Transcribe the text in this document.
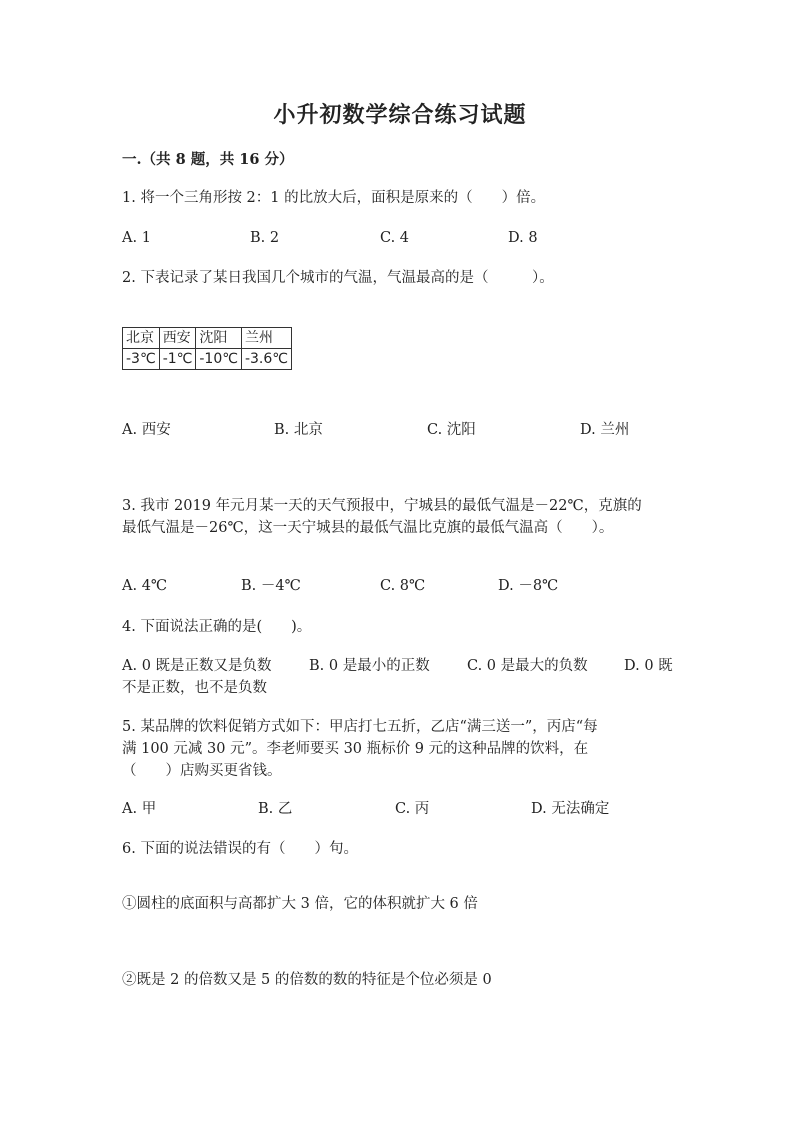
小升初数学综合练习试题
一.（共 8 题，共 16 分）
1. 将一个三角形按 2：1 的比放大后，面积是原来的（　　）倍。
A. 1	B. 2	C. 4	D. 8
2. 下表记录了某日我国几个城市的气温，气温最高的是（　　　）。
北京	西安	沈阳	兰州
-3℃	-1℃	-10℃	-3.6℃
A. 西安	B. 北京	C. 沈阳	D. 兰州
3. 我市 2019 年元月某一天的天气预报中，宁城县的最低气温是－22℃，克旗的
最低气温是－26℃，这一天宁城县的最低气温比克旗的最低气温高（　　）。
A. 4℃	B. －4℃	C. 8℃	D. －8℃
4. 下面说法正确的是(　　)。
A. 0 既是正数又是负数	B. 0 是最小的正数	C. 0 是最大的负数	D. 0 既
不是正数，也不是负数
5. 某品牌的饮料促销方式如下：甲店打七五折，乙店“满三送一”，丙店“每
满 100 元减 30 元”。李老师要买 30 瓶标价 9 元的这种品牌的饮料，在
（　　）店购买更省钱。
A. 甲	B. 乙	C. 丙	D. 无法确定
6. 下面的说法错误的有（　　）句。
①圆柱的底面积与高都扩大 3 倍，它的体积就扩大 6 倍
②既是 2 的倍数又是 5 的倍数的数的特征是个位必须是 0
